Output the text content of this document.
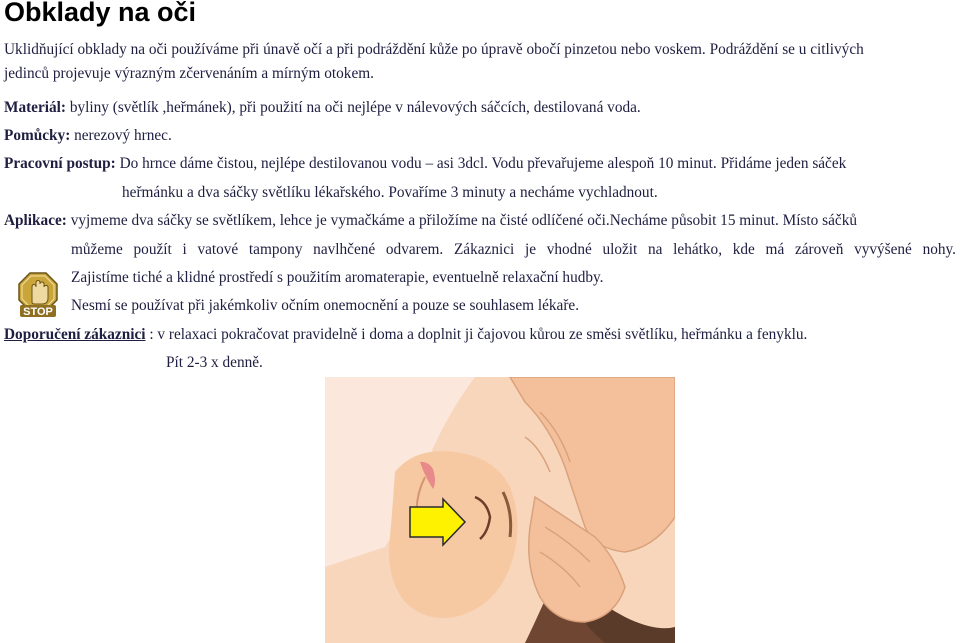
Obklady na oči
Uklidňující obklady na oči používáme při únavě očí a při podráždění kůže po úpravě obočí pinzetou nebo voskem. Podráždění se u citlivých
jedinců projevuje výrazným zčervenáním a mírným otokem.
Materiál: byliny (světlík ,heřmánek), při použití na oči nejlépe v nálevových sáčcích, destilovaná voda.
Pomůcky: nerezový hrnec.
Pracovní postup: Do hrnce dáme čistou, nejlépe destilovanou vodu – asi 3dcl. Vodu převařujeme alespoň 10 minut. Přidáme jeden sáček
heřmánku a dva sáčky světlíku lékařského. Povaříme 3 minuty a necháme vychladnout.
Aplikace: vyjmeme dva sáčky se světlíkem, lehce je vymačkáme a přiložíme na čisté odlíčené oči.Necháme působit 15 minut. Místo sáčků
můžeme použít i vatové tampony navlhčené odvarem. Zákaznici je vhodné uložit na lehátko, kde má zároveň vyvýšené nohy.
Zajistíme tiché a klidné prostředí s použitím aromaterapie, eventuelně relaxační hudby.
Nesmí se používat při jakémkoliv očním onemocnění a pouze se souhlasem lékaře.
STOP
Doporučení zákaznici : v relaxaci pokračovat pravidelně i doma a doplnit ji čajovou kůrou ze směsi světlíku, heřmánku a fenyklu.
Pít 2-3 x denně.
